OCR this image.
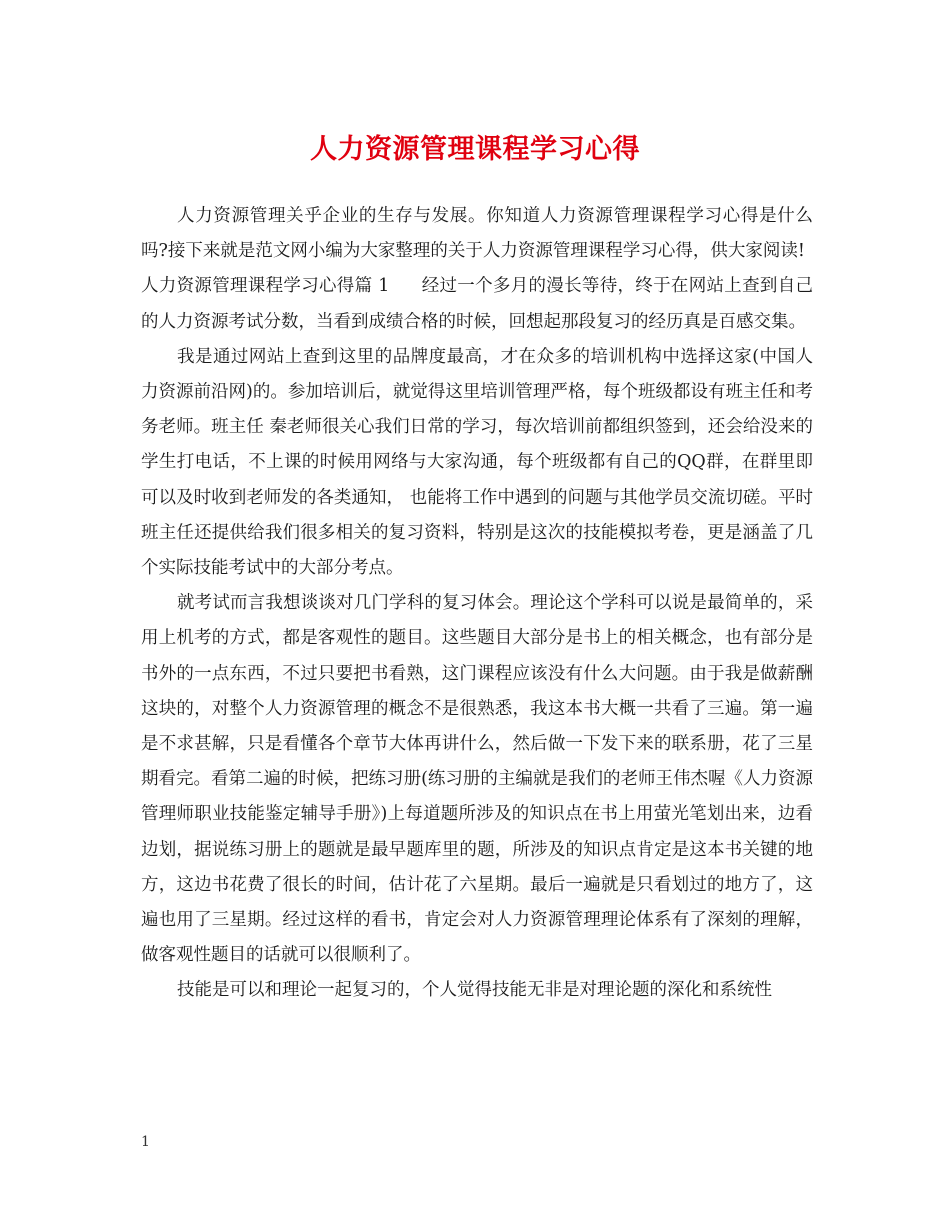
人力资源管理课程学习心得

人力资源管理关乎企业的生存与发展。你知道人力资源管理课程学习心得是什么吗?接下来就是范文网小编为大家整理的关于人力资源管理课程学习心得，供大家阅读!

人力资源管理课程学习心得篇 1 经过一个多月的漫长等待，终于在网站上查到自己的人力资源考试分数，当看到成绩合格的时候，回想起那段复习的经历真是百感交集。

我是通过网站上查到这里的品牌度最高，才在众多的培训机构中选择这家(中国人力资源前沿网)的。参加培训后，就觉得这里培训管理严格，每个班级都设有班主任和考务老师。班主任 秦老师很关心我们日常的学习，每次培训前都组织签到，还会给没来的学生打电话，不上课的时候用网络与大家沟通，每个班级都有自己的QQ群，在群里即可以及时收到老师发的各类通知， 也能将工作中遇到的问题与其他学员交流切磋。平时班主任还提供给我们很多相关的复习资料，特别是这次的技能模拟考卷，更是涵盖了几个实际技能考试中的大部分考点。

就考试而言我想谈谈对几门学科的复习体会。理论这个学科可以说是最简单的，采用上机考的方式，都是客观性的题目。这些题目大部分是书上的相关概念，也有部分是书外的一点东西，不过只要把书看熟，这门课程应该没有什么大问题。由于我是做薪酬这块的，对整个人力资源管理的概念不是很熟悉，我这本书大概一共看了三遍。第一遍是不求甚解，只是看懂各个章节大体再讲什么，然后做一下发下来的联系册，花了三星期看完。看第二遍的时候，把练习册(练习册的主编就是我们的老师王伟杰喔《人力资源管理师职业技能鉴定辅导手册》)上每道题所涉及的知识点在书上用萤光笔划出来，边看边划，据说练习册上的题就是最早题库里的题，所涉及的知识点肯定是这本书关键的地方，这边书花费了很长的时间，估计花了六星期。最后一遍就是只看划过的地方了，这遍也用了三星期。经过这样的看书，肯定会对人力资源管理理论体系有了深刻的理解，做客观性题目的话就可以很顺利了。

技能是可以和理论一起复习的，个人觉得技能无非是对理论题的深化和系统性

1
